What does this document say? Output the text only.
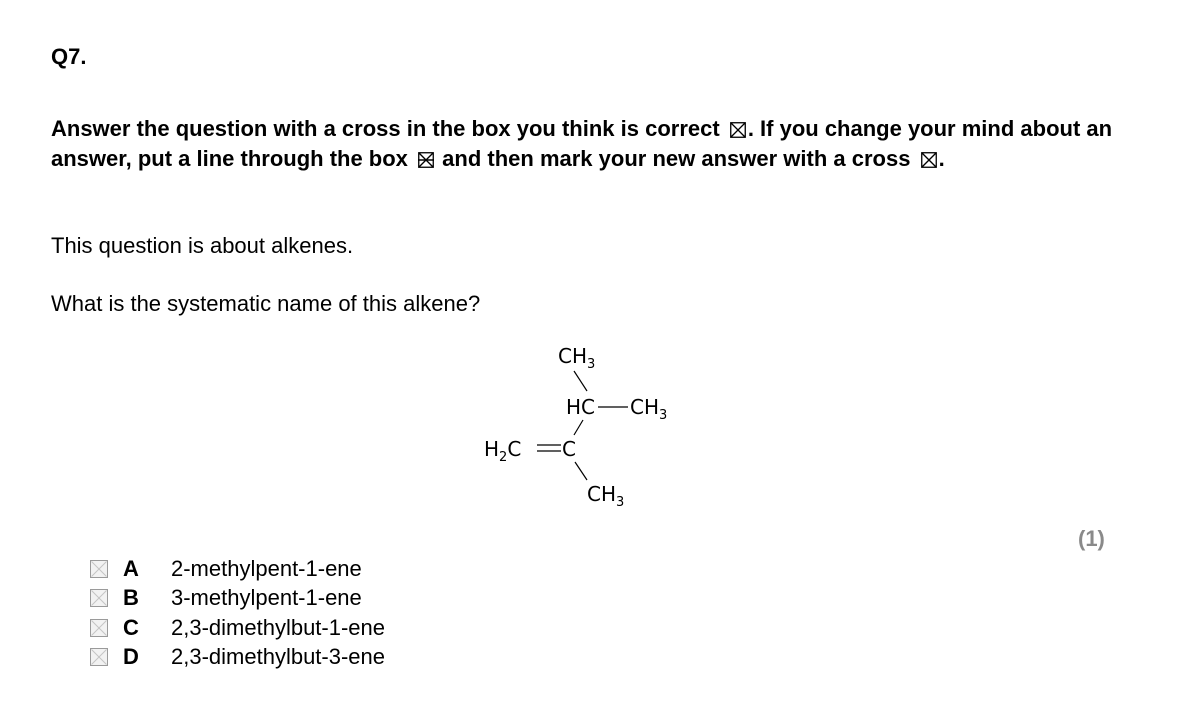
Q7.
Answer the question with a cross in the box you think is correct ☒ . If you change your mind about an answer, put a line through the box and then mark your new answer with a cross ☒ .
This question is about alkenes.
What is the systematic name of this alkene?
$CH_3$
HC $CH_3$
$H_2C$ C
$CH_3$
(1)
A	2-methylpent-1-ene
B	3-methylpent-1-ene
C	2,3-dimethylbut-1-ene
D	2,3-dimethylbut-3-ene
